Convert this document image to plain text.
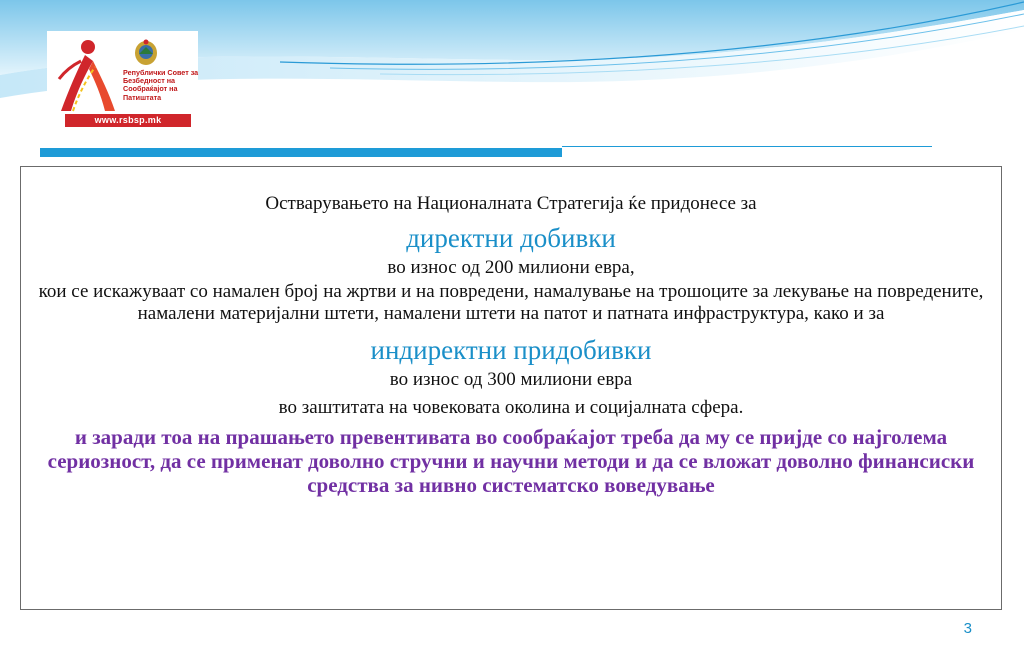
Републички Совет за Безбедност на Сообраќајот на Патиштата
www.rsbsp.mk
Остварувањето на Националната Стратегија ќе придонесе за
директни добивки
во износ од 200 милиони евра,
кои се искажуваат со намален број на жртви и на повредени, намалување на трошоците за лекување на повредените, намалени материјални штети, намалени штети на патот и патната инфраструктура, како и за
индиректни придобивки
во износ од 300 милиони евра
во заштитата на човековата околина и социјалната сфера.
и заради тоа на прашањето превентивата во сообраќајот треба да му се пријде со најголема сериозност, да се применат доволно стручни и научни методи и да се вложат доволно финансиски средства за нивно систематско воведување
3
